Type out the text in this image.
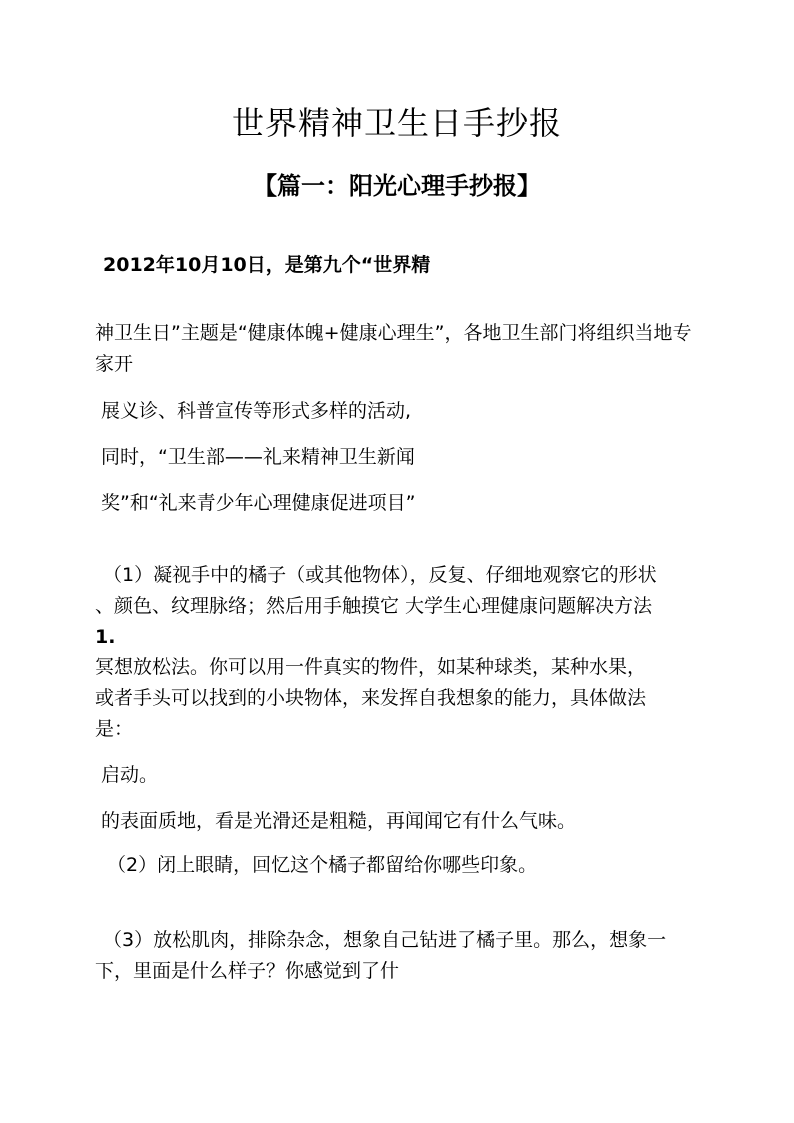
世界精神卫生日手抄报
【篇一：阳光心理手抄报】

2012年10月10日，是第九个“世界精

神卫生日”主题是“健康体魄+健康心理生”，各地卫生部门将组织当地专家开

展义诊、科普宣传等形式多样的活动,

同时，“卫生部——礼来精神卫生新闻

奖”和“礼来青少年心理健康促进项目”

（1）凝视手中的橘子（或其他物体），反复、仔细地观察它的形状

、颜色、纹理脉络；然后用手触摸它 大学生心理健康问题解决方法

1.

冥想放松法。你可以用一件真实的物件，如某种球类，某种水果，

或者手头可以找到的小块物体，来发挥自我想象的能力，具体做法

是：

启动。

的表面质地，看是光滑还是粗糙，再闻闻它有什么气味。

（2）闭上眼睛，回忆这个橘子都留给你哪些印象。

（3）放松肌肉，排除杂念，想象自己钻进了橘子里。那么，想象一

下，里面是什么样子？你感觉到了什
